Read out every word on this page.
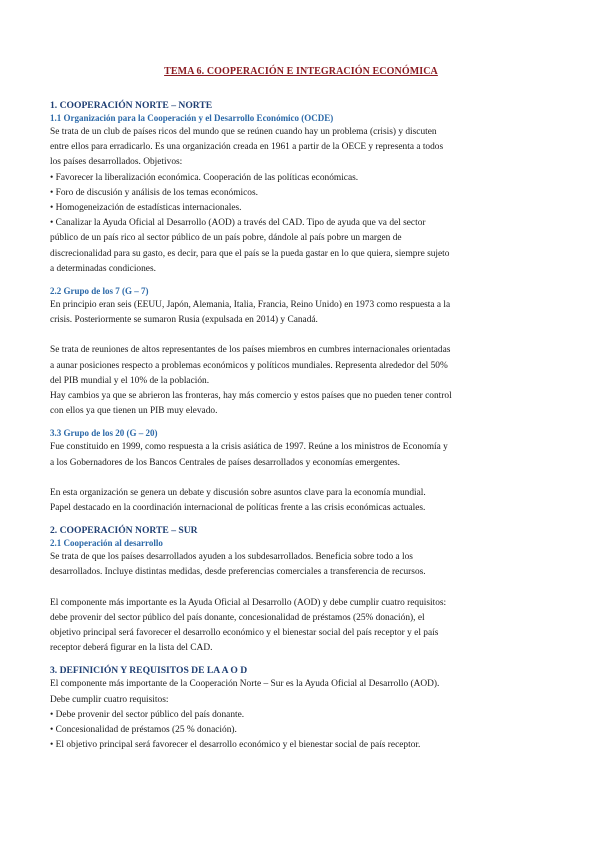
TEMA 6. COOPERACIÓN E INTEGRACIÓN ECONÓMICA
1. COOPERACIÓN NORTE – NORTE
1.1 Organización para la Cooperación y el Desarrollo Económico (OCDE)
Se trata de un club de países ricos del mundo que se reúnen cuando hay un problema (crisis) y discuten
entre ellos para erradicarlo. Es una organización creada en 1961 a partir de la OECE y representa a todos
los países desarrollados. Objetivos:
• Favorecer la liberalización económica. Cooperación de las políticas económicas.
• Foro de discusión y análisis de los temas económicos.
• Homogeneización de estadísticas internacionales.
• Canalizar la Ayuda Oficial al Desarrollo (AOD) a través del CAD. Tipo de ayuda que va del sector
público de un país rico al sector público de un país pobre, dándole al país pobre un margen de
discrecionalidad para su gasto, es decir, para que el país se la pueda gastar en lo que quiera, siempre sujeto
a determinadas condiciones.
2.2 Grupo de los 7 (G – 7)
En principio eran seis (EEUU, Japón, Alemania, Italia, Francia, Reino Unido) en 1973 como respuesta a la
crisis. Posteriormente se sumaron Rusia (expulsada en 2014) y Canadá.
Se trata de reuniones de altos representantes de los países miembros en cumbres internacionales orientadas
a aunar posiciones respecto a problemas económicos y políticos mundiales. Representa alrededor del 50%
del PIB mundial y el 10% de la población.
Hay cambios ya que se abrieron las fronteras, hay más comercio y estos países que no pueden tener control
con ellos ya que tienen un PIB muy elevado.
3.3 Grupo de los 20 (G – 20)
Fue constituido en 1999, como respuesta a la crisis asiática de 1997. Reúne a los ministros de Economía y
a los Gobernadores de los Bancos Centrales de países desarrollados y economías emergentes.
En esta organización se genera un debate y discusión sobre asuntos clave para la economía mundial.
Papel destacado en la coordinación internacional de políticas frente a las crisis económicas actuales.
2. COOPERACIÓN NORTE – SUR
2.1 Cooperación al desarrollo
Se trata de que los países desarrollados ayuden a los subdesarrollados. Beneficia sobre todo a los
desarrollados. Incluye distintas medidas, desde preferencias comerciales a transferencia de recursos.
El componente más importante es la Ayuda Oficial al Desarrollo (AOD) y debe cumplir cuatro requisitos:
debe provenir del sector público del país donante, concesionalidad de préstamos (25% donación), el
objetivo principal será favorecer el desarrollo económico y el bienestar social del país receptor y el país
receptor deberá figurar en la lista del CAD.
3. DEFINICIÓN Y REQUISITOS DE LA A O D
El componente más importante de la Cooperación Norte – Sur es la Ayuda Oficial al Desarrollo (AOD).
Debe cumplir cuatro requisitos:
• Debe provenir del sector público del país donante.
• Concesionalidad de préstamos (25 % donación).
• El objetivo principal será favorecer el desarrollo económico y el bienestar social de país receptor.
